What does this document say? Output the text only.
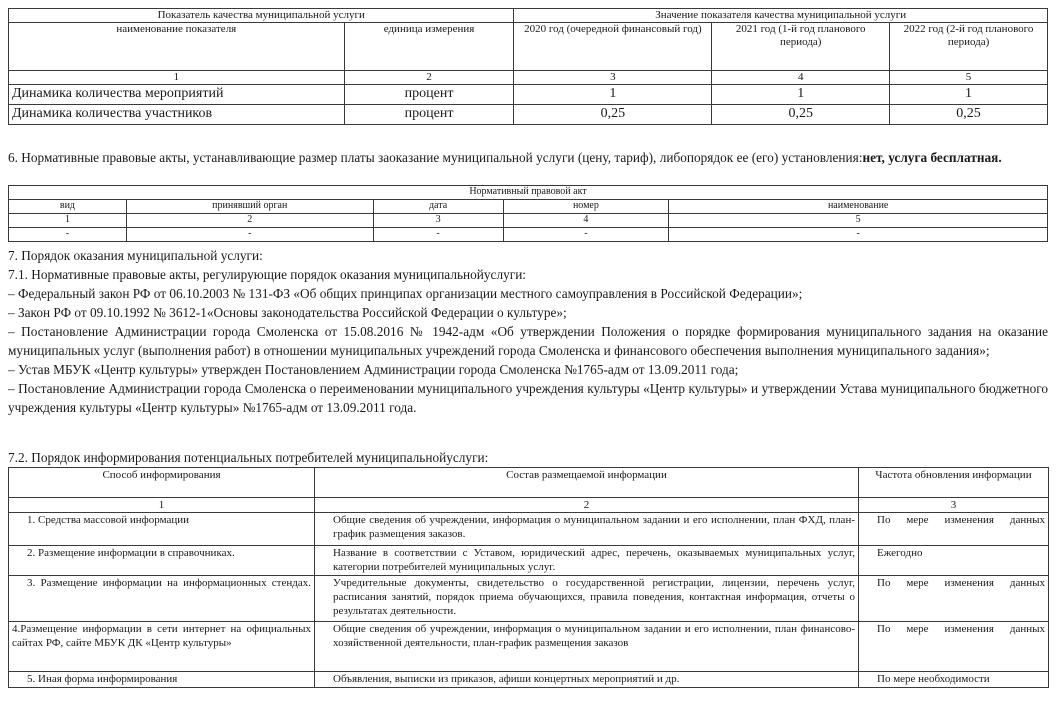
Показатель качества муниципальной услуги		Значение показателя качества муниципальной услуги		
наименование показателя	единица измерения	2020 год (очередной финансовый год)	2021 год (1-й год планового периода)	2022 год (2-й год планового периода)
1	2	3	4	5
Динамика количества мероприятий	процент	1	1	1
Динамика количества участников	процент	0,25	0,25	0,25

6. Нормативные правовые акты, устанавливающие размер платы заоказание муниципальной услуги (цену, тариф), либопорядок ее (его) установления:нет, услуга бесплатная.

Нормативный правовой акт				
вид	принявший орган	дата	номер	наименование
1	2	3	4	5
-	-	-	-	-

7. Порядок оказания муниципальной услуги:

7.1. Нормативные правовые акты, регулирующие порядок оказания муниципальнойуслуги:

– Федеральный закон РФ от 06.10.2003 № 131-ФЗ «Об общих принципах организации местного самоуправления в Российской Федерации»;

– Закон РФ от 09.10.1992 № 3612-1«Основы законодательства Российской Федерации о культуре»;

– Постановление Администрации города Смоленска от 15.08.2016 № 1942-адм «Об утверждении Положения о порядке формирования муниципального задания на оказание муниципальных услуг (выполнения работ) в отношении муниципальных учреждений города Смоленска и финансового обеспечения выполнения муниципального задания»;

– Устав МБУК «Центр культуры» утвержден Постановлением Администрации города Смоленска №1765-адм от 13.09.2011 года;

– Постановление Администрации города Смоленска о переименовании муниципального учреждения культуры «Центр культуры» и утверждении Устава муниципального бюджетного учреждения культуры «Центр культуры» №1765-адм от 13.09.2011 года.

7.2. Порядок информирования потенциальных потребителей муниципальнойуслуги:

Способ информирования	Состав размещаемой информации	Частота обновления информации
1	2	3
1. Средства массовой информации	Общие сведения об учреждении, информация о муниципальном задании и его исполнении, план ФХД, план-график размещения заказов.	По мере изменения данных
2. Размещение информации в справочниках.	Название в соответствии с Уставом, юридический адрес, перечень, оказываемых муниципальных услуг, категории потребителей муниципальных услуг.	Ежегодно
3. Размещение информации на информационных стендах.	Учредительные документы, свидетельство о государственной регистрации, лицензии, перечень услуг, расписания занятий, порядок приема обучающихся, правила поведения, контактная информация, отчеты о результатах деятельности.	По мере изменения данных
4.Размещение информации в сети интернет на официальных сайтах РФ, сайте МБУК ДК «Центр культуры»	Общие сведения об учреждении, информация о муниципальном задании и его исполнении, план финансово-хозяйственной деятельности, план-график размещения заказов	По мере изменения данных
5. Иная форма информирования	Объявления, выписки из приказов, афиши концертных мероприятий и др.	По мере необходимости
